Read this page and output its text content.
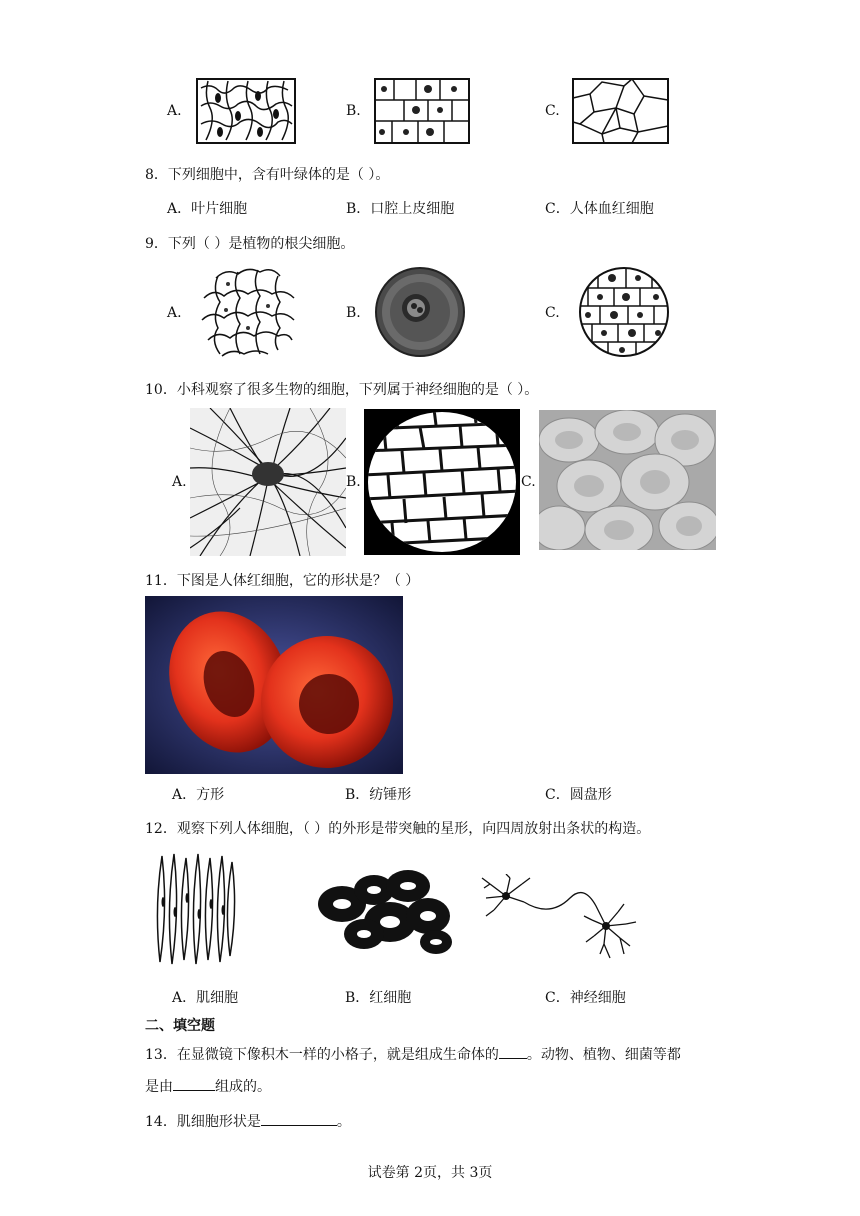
A.	B.	C.
8．下列细胞中，含有叶绿体的是（ ）。
A．叶片细胞	B．口腔上皮细胞	C．人体血红细胞
9．下列（ ）是植物的根尖细胞。
A.	B.	C.
10．小科观察了很多生物的细胞，下列属于神经细胞的是（ ）。
A.	B.	C.
11．下图是人体红细胞，它的形状是？（ ）
A．方形	B．纺锤形	C．圆盘形
12．观察下列人体细胞，（ ）的外形是带突触的星形，向四周放射出条状的构造。
A．肌细胞	B．红细胞	C．神经细胞
二、填空题
13．在显微镜下像积木一样的小格子，就是组成生命体的 。动物、植物、细菌等都
是由	组成的。
14．肌细胞形状是	。
试卷第 2页，共 3页
